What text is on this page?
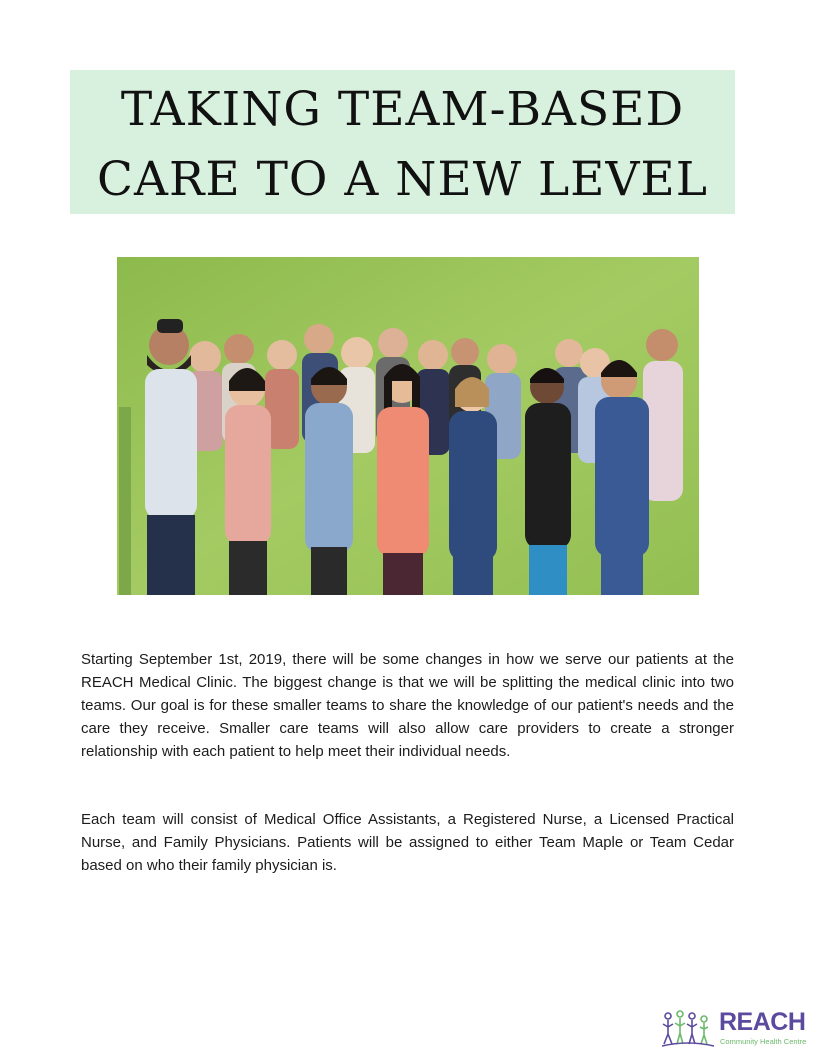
TAKING TEAM-BASED
CARE TO A NEW LEVEL
Starting September 1st, 2019, there will be some changes in how we serve our patients at the REACH Medical Clinic. The biggest change is that we will be splitting the medical clinic into two teams. Our goal is for these smaller teams to share the knowledge of our patient's needs and the care they receive. Smaller care teams will also allow care providers to create a stronger relationship with each patient to help meet their individual needs.
Each team will consist of Medical Office Assistants, a Registered Nurse, a Licensed Practical Nurse, and Family Physicians. Patients will be assigned to either Team Maple or Team Cedar based on who their family physician is.
REACH
Community Health Centre
